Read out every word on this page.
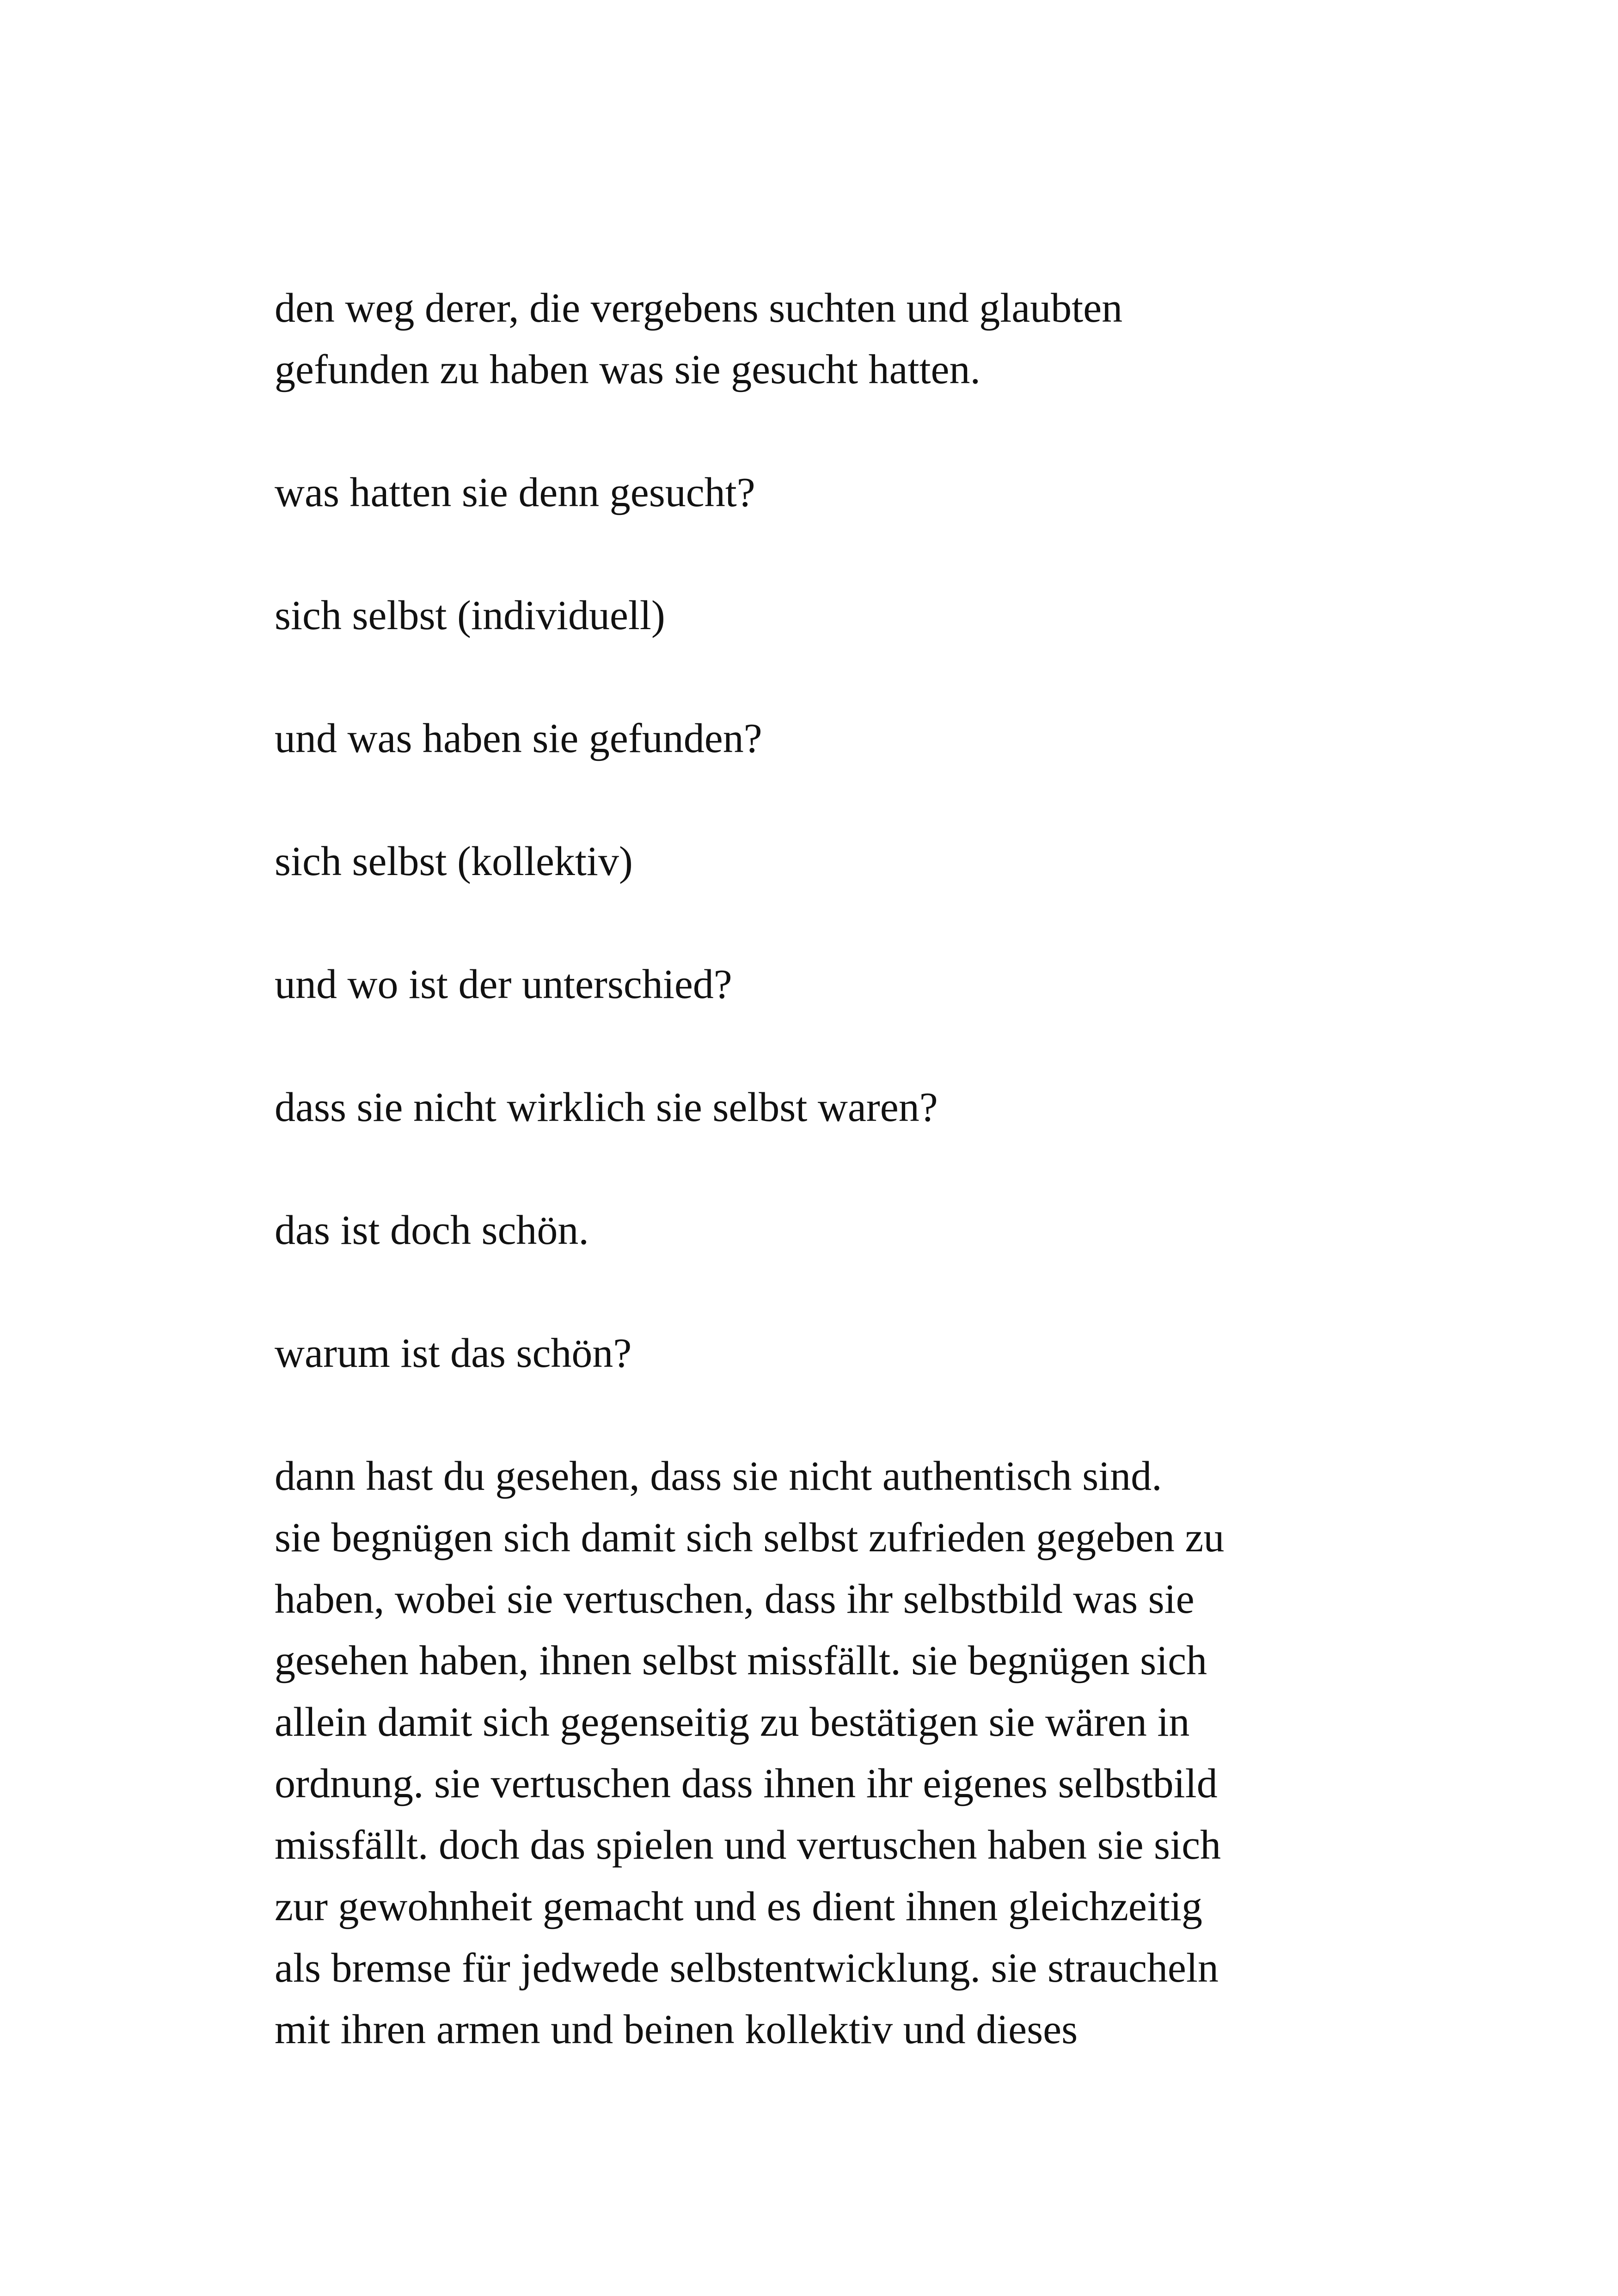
den weg derer, die vergebens suchten und glaubten
gefunden zu haben was sie gesucht hatten.

was hatten sie denn gesucht?

sich selbst (individuell)

und was haben sie gefunden?

sich selbst (kollektiv)

und wo ist der unterschied?

dass sie nicht wirklich sie selbst waren?

das ist doch schön.

warum ist das schön?

dann hast du gesehen, dass sie nicht authentisch sind.
sie begnügen sich damit sich selbst zufrieden gegeben zu
haben, wobei sie vertuschen, dass ihr selbstbild was sie
gesehen haben, ihnen selbst missfällt. sie begnügen sich
allein damit sich gegenseitig zu bestätigen sie wären in
ordnung. sie vertuschen dass ihnen ihr eigenes selbstbild
missfällt. doch das spielen und vertuschen haben sie sich
zur gewohnheit gemacht und es dient ihnen gleichzeitig
als bremse für jedwede selbstentwicklung. sie straucheln
mit ihren armen und beinen kollektiv und dieses
